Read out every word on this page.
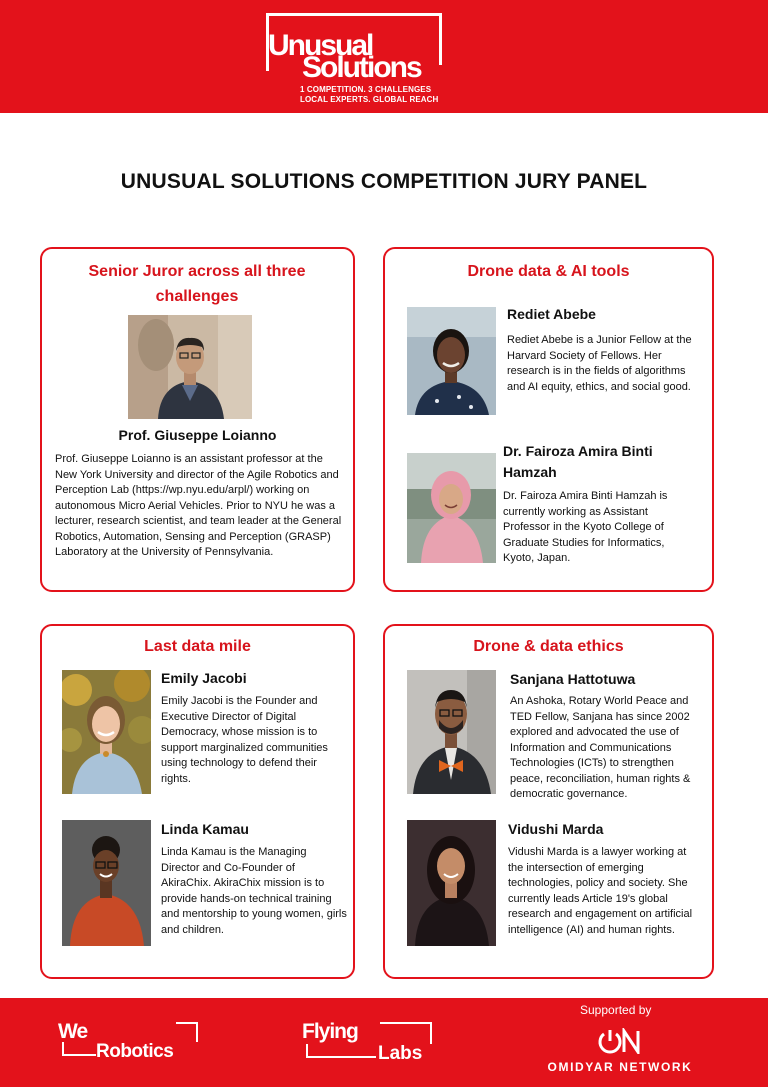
Unusual
Solutions
1 COMPETITION. 3 CHALLENGES
LOCAL EXPERTS. GLOBAL REACH
UNUSUAL SOLUTIONS COMPETITION JURY PANEL
Senior Juror across all three challenges
Prof. Giuseppe Loianno
Prof. Giuseppe Loianno is an assistant professor at the New York University and director of the Agile Robotics and Perception Lab (https://wp.nyu.edu/arpl/) working on autonomous Micro Aerial Vehicles. Prior to NYU he was a lecturer, research scientist, and team leader at the General Robotics, Automation, Sensing and Perception (GRASP) Laboratory at the University of Pennsylvania.
Drone data & AI tools
Rediet Abebe
Rediet Abebe is a Junior Fellow at the Harvard Society of Fellows. Her research is in the fields of algorithms and AI equity, ethics, and social good.
Dr. Fairoza Amira Binti Hamzah
Dr. Fairoza Amira Binti Hamzah is currently working as Assistant Professor in the Kyoto College of Graduate Studies for Informatics, Kyoto, Japan.
Last data mile
Emily Jacobi
Emily Jacobi is the Founder and Executive Director of Digital Democracy, whose mission is to support marginalized communities using technology to defend their rights.
Linda Kamau
Linda Kamau is the Managing Director and Co-Founder of AkiraChix. AkiraChix mission is to provide hands-on technical training and mentorship to young women, girls and children.
Drone & data ethics
Sanjana Hattotuwa
An Ashoka, Rotary World Peace and TED Fellow, Sanjana has since 2002 explored and advocated the use of Information and Communications Technologies (ICTs) to strengthen peace, reconciliation, human rights & democratic governance.
Vidushi Marda
Vidushi Marda is a lawyer working at the intersection of emerging technologies, policy and society. She currently leads Article 19's global research and engagement on artificial intelligence (AI) and human rights.
Supported by
We
Robotics
Flying
Labs
OMIDYAR NETWORK
